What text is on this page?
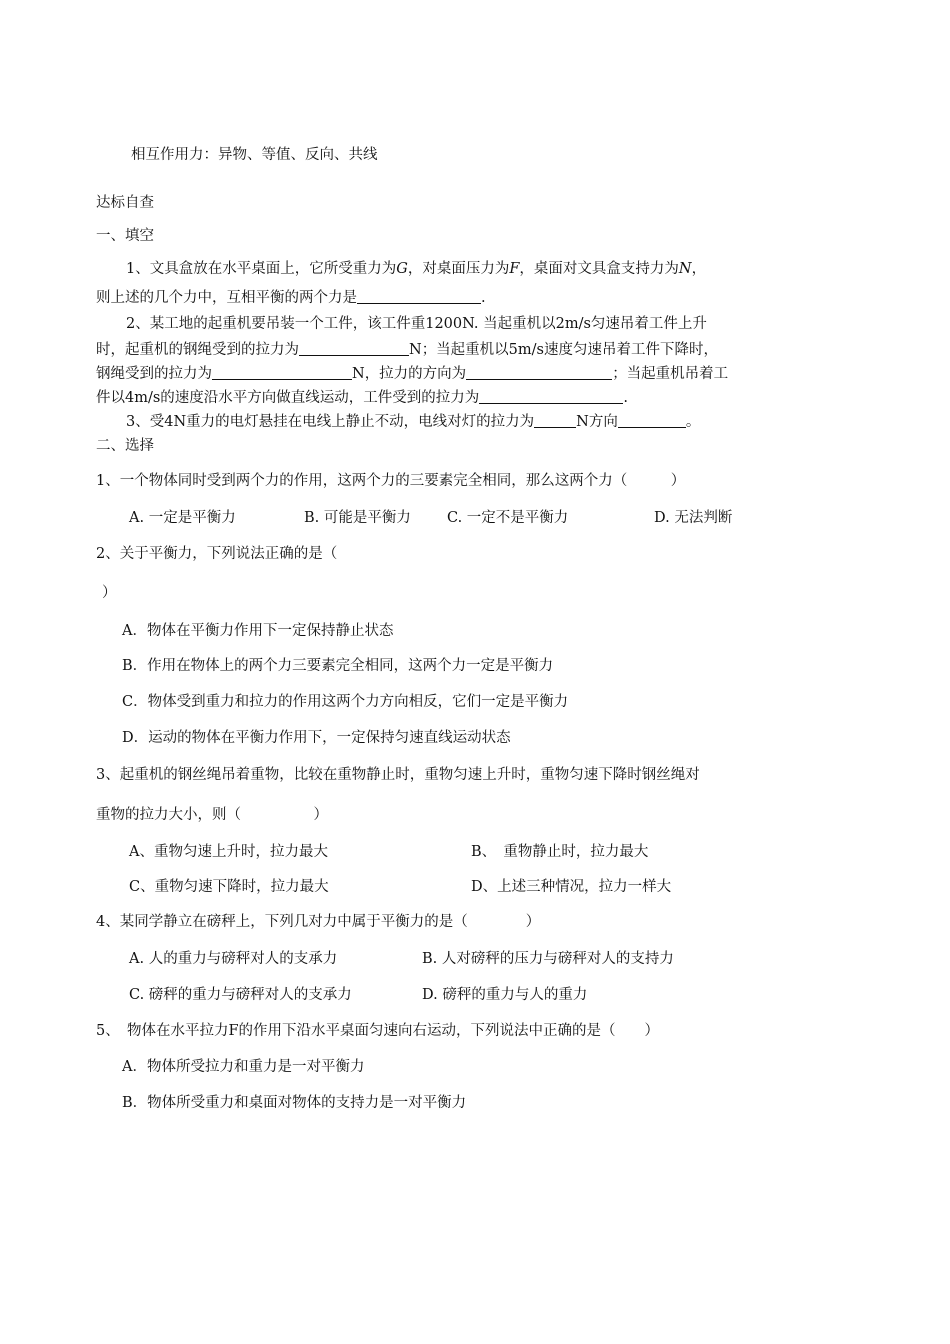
相互作用力：异物、等值、反向、共线
达标自查
一、填空
1、文具盒放在水平桌面上，它所受重力为G，对桌面压力为F，桌面对文具盒支持力为N，
则上述的几个力中，互相平衡的两个力是	.
2、某工地的起重机要吊装一个工件，该工件重1200N. 当起重机以2m/s匀速吊着工件上升
时，起重机的钢绳受到的拉力为	N；当起重机以5m/s速度匀速吊着工件下降时，
钢绳受到的拉力为	N，拉力的方向为	；当起重机吊着工
件以4m/s的速度沿水平方向做直线运动，工件受到的拉力为	.
3、受4N重力的电灯悬挂在电线上静止不动，电线对灯的拉力为	N方向	。
二、选择
1、一个物体同时受到两个力的作用，这两个力的三要素完全相同，那么这两个力（　　　）
A. 一定是平衡力	B. 可能是平衡力 C. 一定不是平衡力	D. 无法判断
2、关于平衡力，下列说法正确的是（
）
A．物体在平衡力作用下一定保持静止状态
B．作用在物体上的两个力三要素完全相同，这两个力一定是平衡力
C．物体受到重力和拉力的作用这两个力方向相反，它们一定是平衡力
D．运动的物体在平衡力作用下，一定保持匀速直线运动状态
3、起重机的钢丝绳吊着重物，比较在重物静止时，重物匀速上升时，重物匀速下降时钢丝绳对
重物的拉力大小，则（　　　　　）
A、重物匀速上升时，拉力最大	B、　重物静止时，拉力最大
C、重物匀速下降时，拉力最大	D、上述三种情况，拉力一样大
4、某同学静立在磅秤上，下列几对力中属于平衡力的是（　　　　）
A. 人的重力与磅秤对人的支承力	B. 人对磅秤的压力与磅秤对人的支持力
C. 磅秤的重力与磅秤对人的支承力	D. 磅秤的重力与人的重力
5、　物体在水平拉力F的作用下沿水平桌面匀速向右运动，下列说法中正确的是（　　）
A．物体所受拉力和重力是一对平衡力
B．物体所受重力和桌面对物体的支持力是一对平衡力
